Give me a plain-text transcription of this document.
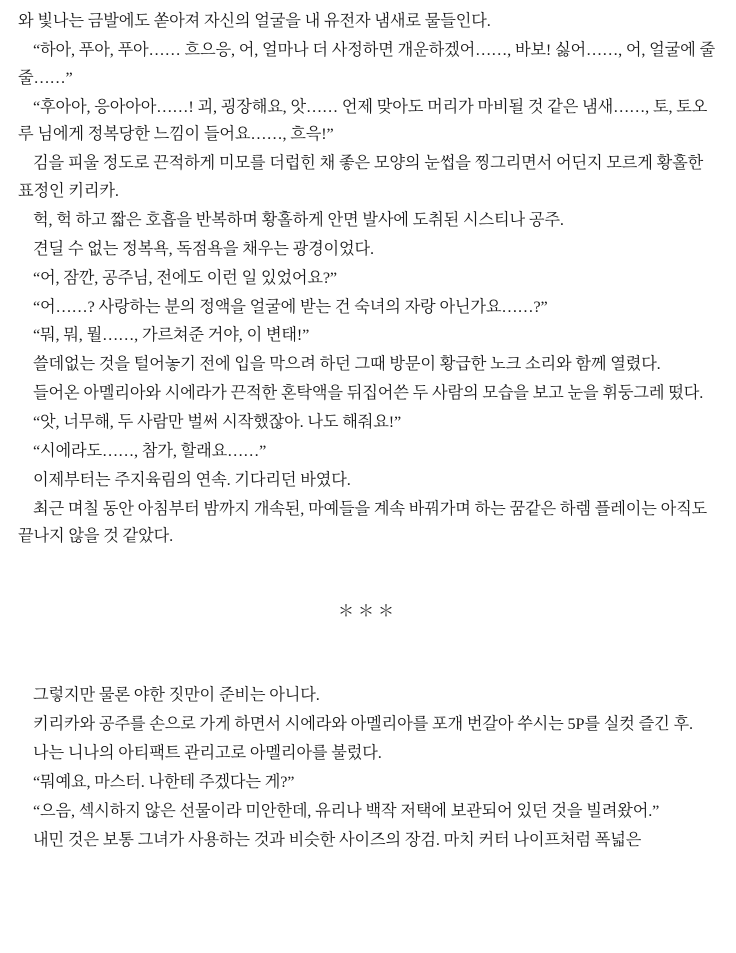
와 빛나는 금발에도 쏟아져 자신의 얼굴을 내 유전자 냄새로 물들인다.

“하아, 푸아, 푸아…… 흐으응, 어, 얼마나 더 사정하면 개운하겠어……, 바보! 싫어……, 어, 얼굴에 줄줄……”

“후아아, 응아아아……! 괴, 굉장해요, 앗…… 언제 맞아도 머리가 마비될 것 같은 냄새……, 토, 토오루 님에게 정복당한 느낌이 들어요……, 흐윽!”

김을 피울 정도로 끈적하게 미모를 더럽힌 채 좋은 모양의 눈썹을 찡그리면서 어딘지 모르게 황홀한 표정인 키리카.

헉, 헉 하고 짧은 호흡을 반복하며 황홀하게 안면 발사에 도취된 시스티나 공주.

견딜 수 없는 정복욕, 독점욕을 채우는 광경이었다.

“어, 잠깐, 공주님, 전에도 이런 일 있었어요?”

“어……? 사랑하는 분의 정액을 얼굴에 받는 건 숙녀의 자랑 아닌가요……?”

“뭐, 뭐, 뭘……, 가르쳐준 거야, 이 변태!”

쓸데없는 것을 털어놓기 전에 입을 막으려 하던 그때 방문이 황급한 노크 소리와 함께 열렸다.

들어온 아멜리아와 시에라가 끈적한 혼탁액을 뒤집어쓴 두 사람의 모습을 보고 눈을 휘둥그레 떴다.

“앗, 너무해, 두 사람만 벌써 시작했잖아. 나도 해줘요!”

“시에라도……, 참가, 할래요……”

이제부터는 주지육림의 연속. 기다리던 바였다.

최근 며칠 동안 아침부터 밤까지 개속된, 마예들을 계속 바꿔가며 하는 꿈같은 하렘 플레이는 아직도 끝나지 않을 것 같았다.

＊＊＊

그렇지만 물론 야한 짓만이 준비는 아니다.

키리카와 공주를 손으로 가게 하면서 시에라와 아멜리아를 포개 번갈아 쑤시는 5P를 실컷 즐긴 후.

나는 니나의 아티팩트 관리고로 아멜리아를 불렀다.

“뭐예요, 마스터. 나한테 주겠다는 게?”

“으음, 섹시하지 않은 선물이라 미안한데, 유리나 백작 저택에 보관되어 있던 것을 빌려왔어.”

내민 것은 보통 그녀가 사용하는 것과 비슷한 사이즈의 장검. 마치 커터 나이프처럼 폭넓은
